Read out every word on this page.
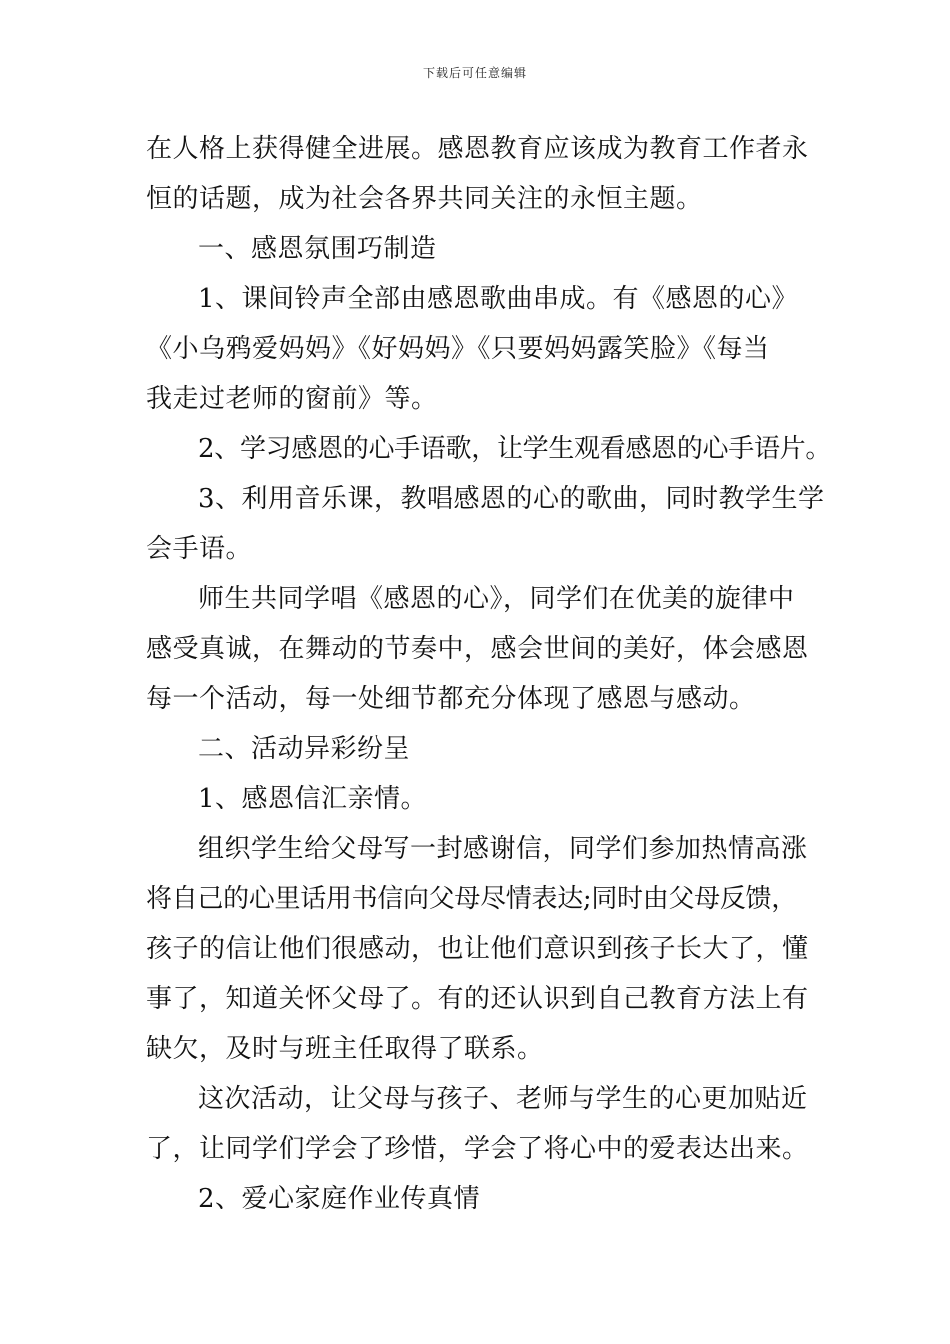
下载后可任意编辑
在人格上获得健全进展。感恩教育应该成为教育工作者永
恒的话题，成为社会各界共同关注的永恒主题。
一、感恩氛围巧制造
1、课间铃声全部由感恩歌曲串成。有《感恩的心》
《小乌鸦爱妈妈》《好妈妈》《只要妈妈露笑脸》《每当
我走过老师的窗前》等。
2、学习感恩的心手语歌，让学生观看感恩的心手语片。
3、利用音乐课，教唱感恩的心的歌曲，同时教学生学
会手语。
师生共同学唱《感恩的心》，同学们在优美的旋律中
感受真诚，在舞动的节奏中，感会世间的美好，体会感恩
每一个活动，每一处细节都充分体现了感恩与感动。
二、活动异彩纷呈
1、感恩信汇亲情。
组织学生给父母写一封感谢信，同学们参加热情高涨
将自己的心里话用书信向父母尽情表达;同时由父母反馈，
孩子的信让他们很感动，也让他们意识到孩子长大了，懂
事了，知道关怀父母了。有的还认识到自己教育方法上有
缺欠，及时与班主任取得了联系。
这次活动，让父母与孩子、老师与学生的心更加贴近
了，让同学们学会了珍惜，学会了将心中的爱表达出来。
2、爱心家庭作业传真情
